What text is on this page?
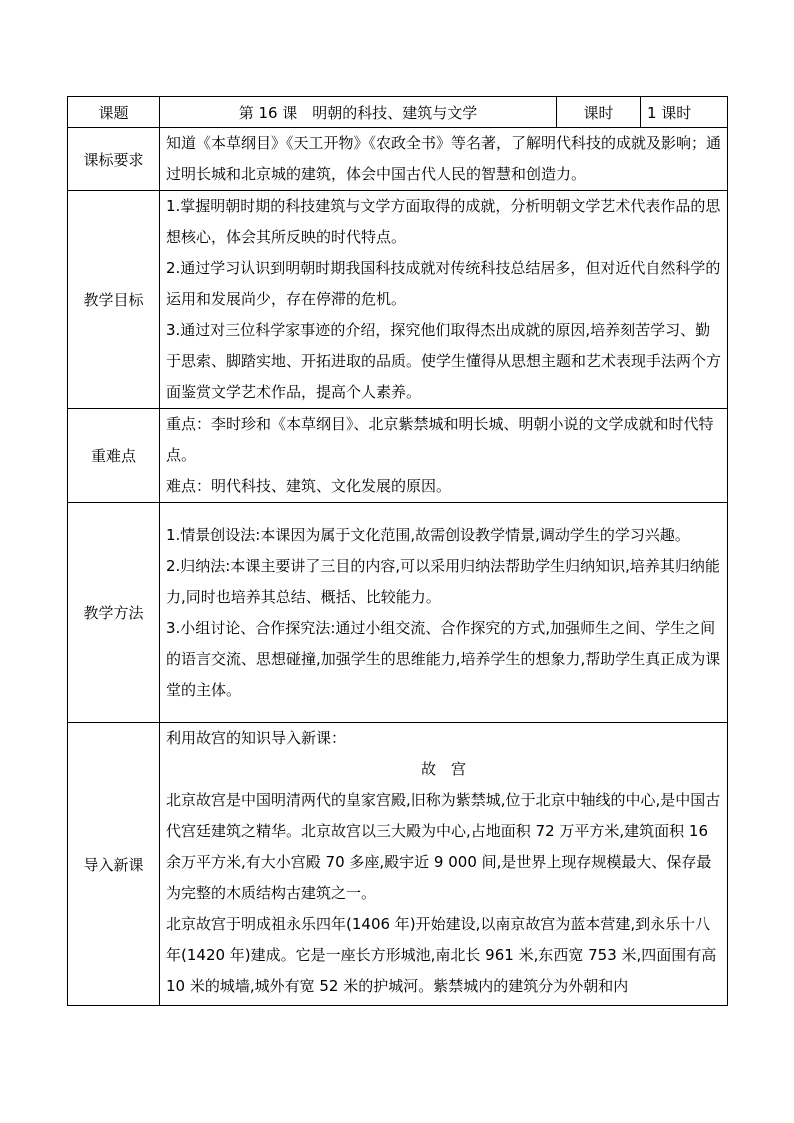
课题	第 16 课　明朝的科技、建筑与文学	课时	1 课时
课标要求	知道《本草纲目》《天工开物》《农政全书》等名著，了解明代科技的成就及影响；通过明长城和北京城的建筑，体会中国古代人民的智慧和创造力。		

教学目标	1.掌握明朝时期的科技建筑与文学方面取得的成就，分析明朝文学艺术代表作品的思想核心，体会其所反映的时代特点。

2.通过学习认识到明朝时期我国科技成就对传统科技总结居多，但对近代自然科学的运用和发展尚少，存在停滞的危机。

3.通过对三位科学家事迹的介绍，探究他们取得杰出成就的原因,培养刻苦学习、勤于思索、脚踏实地、开拓进取的品质。使学生懂得从思想主题和艺术表现手法两个方面鉴赏文学艺术作品，提高个人素养。		

重难点	重点：李时珍和《本草纲目》、北京紫禁城和明长城、明朝小说的文学成就和时代特点。

难点：明代科技、建筑、文化发展的原因。		

教学方法	1.情景创设法:本课因为属于文化范围,故需创设教学情景,调动学生的学习兴趣。

2.归纳法:本课主要讲了三目的内容,可以采用归纳法帮助学生归纳知识,培养其归纳能力,同时也培养其总结、概括、比较能力。

3.小组讨论、合作探究法:通过小组交流、合作探究的方式,加强师生之间、学生之间的语言交流、思想碰撞,加强学生的思维能力,培养学生的想象力,帮助学生真正成为课堂的主体。		

导入新课	利用故宫的知识导入新课：

故　宫

北京故宫是中国明清两代的皇家宫殿,旧称为紫禁城,位于北京中轴线的中心,是中国古代宫廷建筑之精华。北京故宫以三大殿为中心,占地面积 72 万平方米,建筑面积 16 余万平方米,有大小宫殿 70 多座,殿宇近 9 000 间,是世界上现存规模最大、保存最为完整的木质结构古建筑之一。

北京故宫于明成祖永乐四年(1406 年)开始建设,以南京故宫为蓝本营建,到永乐十八年(1420 年)建成。它是一座长方形城池,南北长 961 米,东西宽 753 米,四面围有高 10 米的城墙,城外有宽 52 米的护城河。紫禁城内的建筑分为外朝和内		
